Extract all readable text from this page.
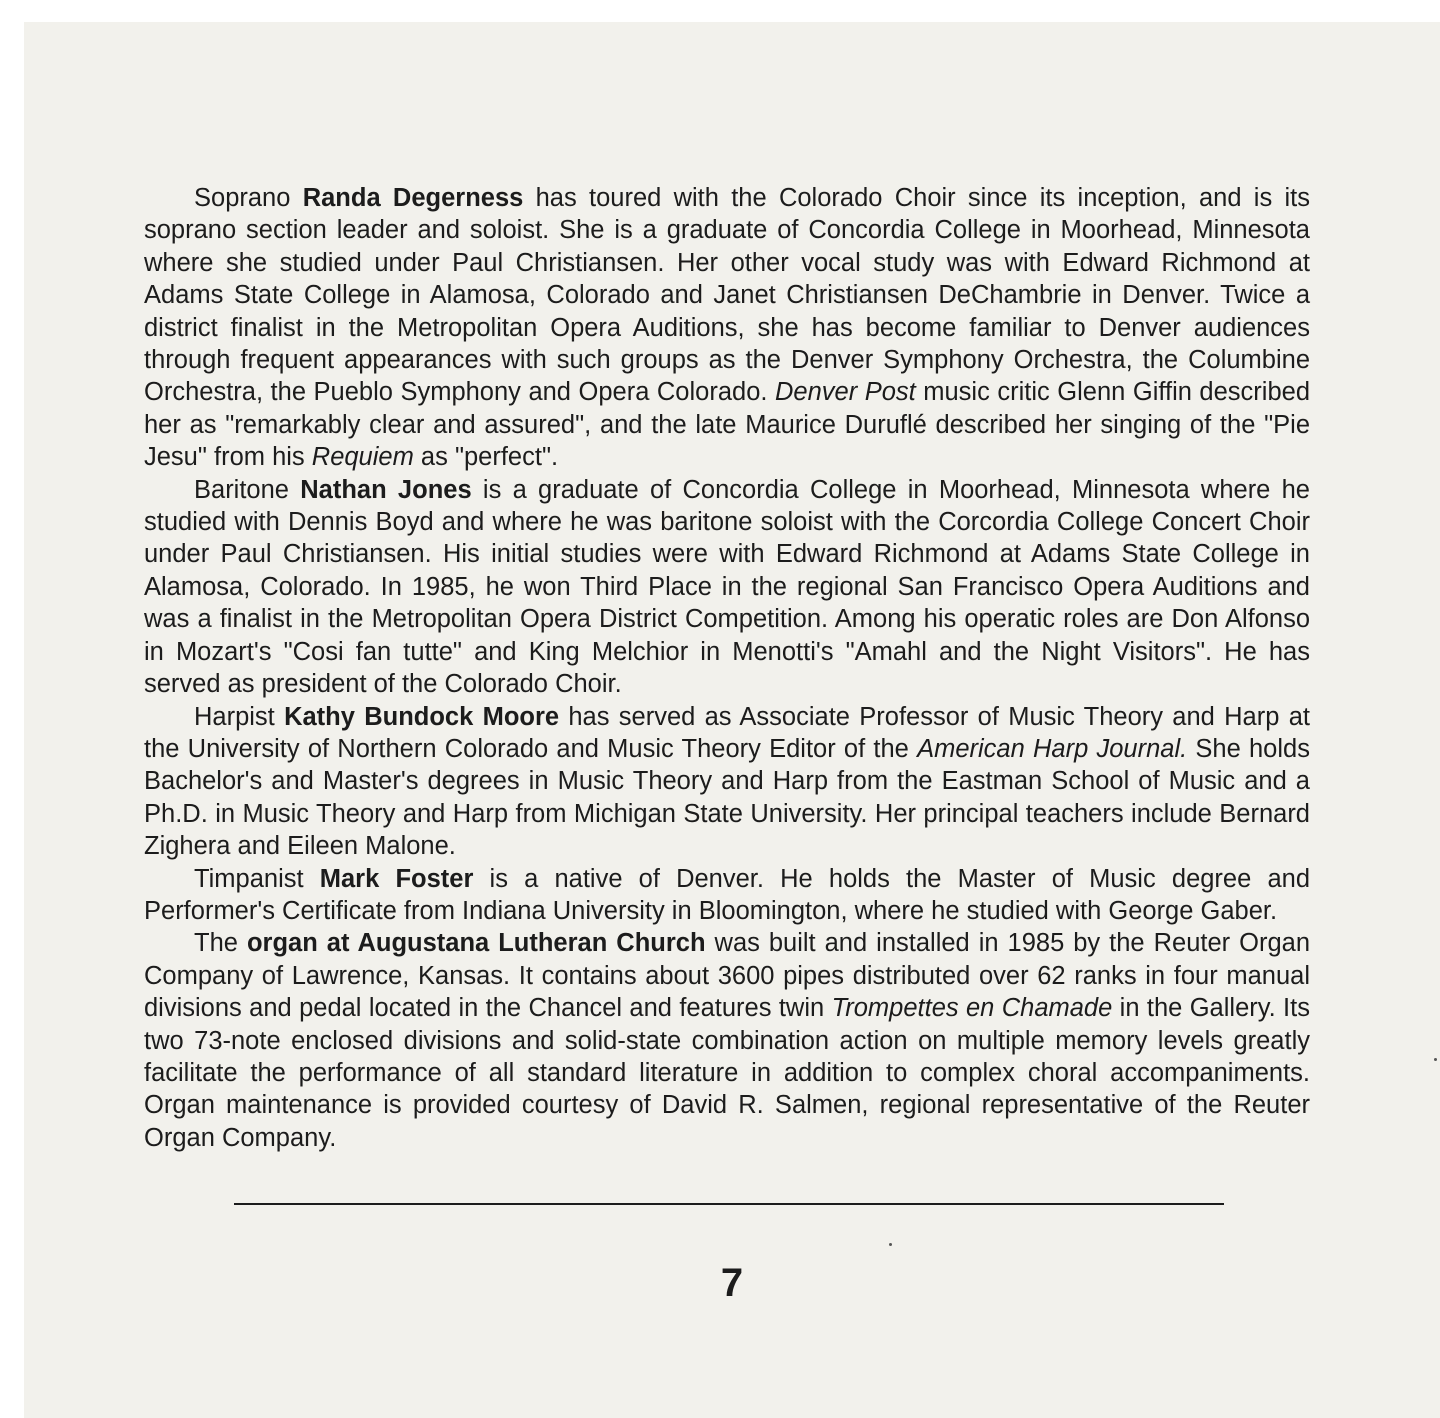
Soprano Randa Degerness has toured with the Colorado Choir since its inception, and is its soprano section leader and soloist. She is a graduate of Concordia College in Moorhead, Minnesota where she studied under Paul Christiansen. Her other vocal study was with Edward Richmond at Adams State College in Alamosa, Colorado and Janet Christiansen DeChambrie in Denver. Twice a district finalist in the Metropolitan Opera Auditions, she has become familiar to Denver audiences through frequent appearances with such groups as the Denver Symphony Orchestra, the Columbine Orchestra, the Pueblo Symphony and Opera Colorado. Denver Post music critic Glenn Giffin described her as "remarkably clear and assured", and the late Maurice Duruflé described her singing of the "Pie Jesu" from his Requiem as "perfect".

Baritone Nathan Jones is a graduate of Concordia College in Moorhead, Minnesota where he studied with Dennis Boyd and where he was baritone soloist with the Corcordia College Concert Choir under Paul Christiansen. His initial studies were with Edward Richmond at Adams State College in Alamosa, Colorado. In 1985, he won Third Place in the regional San Francisco Opera Auditions and was a finalist in the Metropolitan Opera District Competition. Among his operatic roles are Don Alfonso in Mozart's "Cosi fan tutte" and King Melchior in Menotti's "Amahl and the Night Visitors". He has served as president of the Colorado Choir.

Harpist Kathy Bundock Moore has served as Associate Professor of Music Theory and Harp at the University of Northern Colorado and Music Theory Editor of the American Harp Journal. She holds Bachelor's and Master's degrees in Music Theory and Harp from the Eastman School of Music and a Ph.D. in Music Theory and Harp from Michigan State University. Her principal teachers include Bernard Zighera and Eileen Malone.

Timpanist Mark Foster is a native of Denver. He holds the Master of Music degree and Performer's Certificate from Indiana University in Bloomington, where he studied with George Gaber.

The organ at Augustana Lutheran Church was built and installed in 1985 by the Reuter Organ Company of Lawrence, Kansas. It contains about 3600 pipes distributed over 62 ranks in four manual divisions and pedal located in the Chancel and features twin Trompettes en Chamade in the Gallery. Its two 73-note enclosed divisions and solid-state combination action on multiple memory levels greatly facilitate the performance of all standard literature in addition to complex choral accompaniments. Organ maintenance is provided courtesy of David R. Salmen, regional representative of the Reuter Organ Company.

7
